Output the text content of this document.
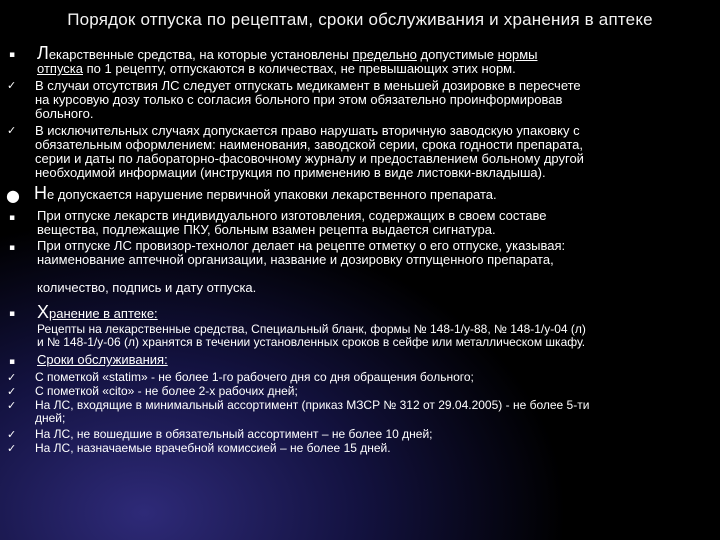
Порядок отпуска по рецептам, сроки обслуживания и хранения в аптеке
▪	Лекарственные средства, на которые установлены предельно допустимые нормы
отпуска по 1 рецепту, отпускаются в количествах, не превышающих этих норм.
✓	В случаи отсутствия ЛС следует отпускать медикамент в меньшей дозировке в пересчете
на курсовую дозу только с согласия больного при этом обязательно проинформировав
больного.
✓	В исключительных случаях допускается право нарушать вторичную заводскую упаковку с
обязательным оформлением: наименования, заводской серии, срока годности препарата,
серии и даты по лабораторно-фасовочному журналу и предоставлением больному другой
необходимой информации (инструкция по применению в виде листовки-вкладыша).
● Не допускается нарушение первичной упаковки лекарственного препарата.
▪	При отпуске лекарств индивидуального изготовления, содержащих в своем составе
вещества, подлежащие ПКУ, больным взамен рецепта выдается сигнатура.
▪	При отпуске ЛС провизор-технолог делает на рецепте отметку о его отпуске, указывая:
наименование аптечной организации, название и дозировку отпущенного препарата,

количество, подпись и дату отпуска.
▪	Хранение в аптеке:
Рецепты на лекарственные средства, Специальный бланк, формы № 148-1/у-88, № 148-1/у-04 (л)
и № 148-1/у-06 (л) хранятся в течении установленных сроков в сейфе или металлическом шкафу.
▪	Сроки обслуживания:
✓	С пометкой «statim» - не более 1-го рабочего дня со дня обращения больного;
✓	С пометкой «cito» - не более 2-х рабочих дней;
✓	На ЛС, входящие в минимальный ассортимент (приказ МЗСР № 312 от 29.04.2005) - не более 5-ти
дней;
✓	На ЛС, не вошедшие в обязательный ассортимент – не более 10 дней;
✓	На ЛС, назначаемые врачебной комиссией – не более 15 дней.
